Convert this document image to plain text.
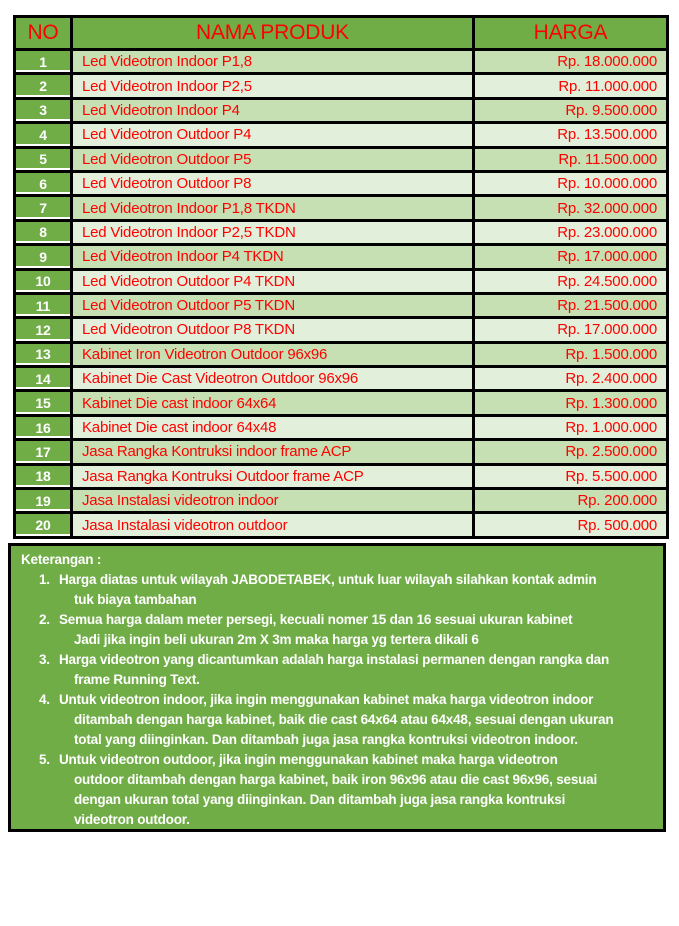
NO	NAMA PRODUK	HARGA
1	Led Videotron Indoor P1,8	Rp. 18.000.000
2	Led Videotron Indoor P2,5	Rp. 11.000.000
3	Led Videotron Indoor P4	Rp. 9.500.000
4	Led Videotron Outdoor P4	Rp. 13.500.000
5	Led Videotron Outdoor P5	Rp. 11.500.000
6	Led Videotron Outdoor P8	Rp. 10.000.000
7	Led Videotron Indoor P1,8 TKDN	Rp. 32.000.000
8	Led Videotron Indoor P2,5 TKDN	Rp. 23.000.000
9	Led Videotron Indoor P4 TKDN	Rp. 17.000.000
10	Led Videotron Outdoor P4 TKDN	Rp. 24.500.000
11	Led Videotron Outdoor P5 TKDN	Rp. 21.500.000
12	Led Videotron Outdoor P8 TKDN	Rp. 17.000.000
13	Kabinet Iron Videotron Outdoor 96x96	Rp. 1.500.000
14	Kabinet Die Cast Videotron Outdoor 96x96	Rp. 2.400.000
15	Kabinet Die cast indoor 64x64	Rp. 1.300.000
16	Kabinet Die cast indoor 64x48	Rp. 1.000.000
17	Jasa Rangka Kontruksi indoor frame ACP	Rp. 2.500.000
18	Jasa Rangka Kontruksi Outdoor frame ACP	Rp. 5.500.000
19	Jasa Instalasi videotron indoor	Rp. 200.000
20	Jasa Instalasi videotron outdoor	Rp. 500.000
Keterangan :
1. Harga diatas untuk wilayah JABODETABEK, untuk luar wilayah silahkan kontak admin
tuk biaya tambahan
2. Semua harga dalam meter persegi, kecuali nomer 15 dan 16 sesuai ukuran kabinet
Jadi jika ingin beli ukuran 2m X 3m maka harga yg tertera dikali 6
3. Harga videotron yang dicantumkan adalah harga instalasi permanen dengan rangka dan
frame Running Text.
4. Untuk videotron indoor, jika ingin menggunakan kabinet maka harga videotron indoor
ditambah dengan harga kabinet, baik die cast 64x64 atau 64x48, sesuai dengan ukuran
total yang diinginkan. Dan ditambah juga jasa rangka kontruksi videotron indoor.
5. Untuk videotron outdoor, jika ingin menggunakan kabinet maka harga videotron
outdoor ditambah dengan harga kabinet, baik iron 96x96 atau die cast 96x96, sesuai
dengan ukuran total yang diinginkan. Dan ditambah juga jasa rangka kontruksi
videotron outdoor.
